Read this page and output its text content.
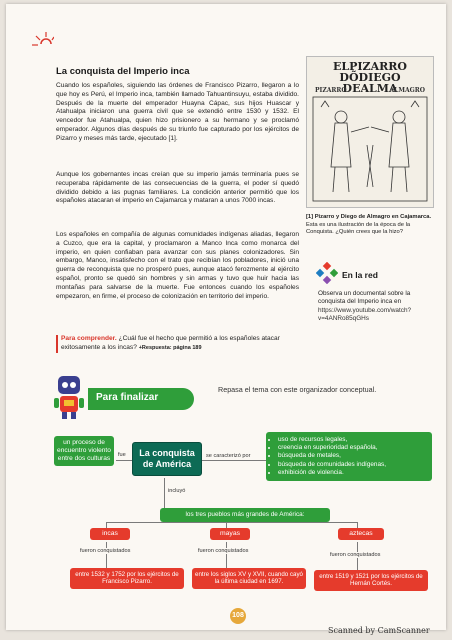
La conquista del Imperio inca
Cuando los españoles, siguiendo las órdenes de Francisco Pizarro, llegaron a lo que hoy es Perú, el Imperio inca, también llamado Tahuantinsuyu, estaba dividido. Después de la muerte del emperador Huayna Cápac, sus hijos Huascar y Atahualpa iniciaron una guerra civil que se extendió entre 1530 y 1532. El vencedor fue Atahualpa, quien hizo prisionero a su hermano y se proclamó emperador. Algunos días después de su triunfo fue capturado por los ejércitos de Pizarro y meses más tarde, ejecutado [1].
Aunque los gobernantes incas creían que su imperio jamás terminaría pues se recuperaba rápidamente de las consecuencias de la guerra, el poder sí quedó dividido debido a las pugnas familiares. La condición anterior permitió que los españoles atacaran el imperio en Cajamarca y mataran a unos 7000 incas.
Los españoles en compañía de algunas comunidades indígenas aliadas, llegaron a Cuzco, que era la capital, y proclamaron a Manco Inca como monarca del imperio, en quien confiaban para avanzar con sus planes colonizadores. Sin embargo, Manco, insatisfecho con el trato que recibían los pobladores, inició una guerra de reconquista que no prosperó pues, aunque atacó ferozmente al ejército español, pronto se quedó sin hombres y sin armas y tuvo que huir hacia las montañas para salvarse de la muerte. Fue entonces cuando los españoles empezaron, en firme, el proceso de colonización en territorio del imperio.
Para comprender. ¿Cuál fue el hecho que permitió a los españoles atacar exitosamente a los incas? +Respuesta: página 189
ELPIZARRO DÕDIEGO DEALMA
PIZARRO	ALMAGRO
[1] Pizarro y Diego de Almagro en Cajamarca. Esta es una ilustración de la época de la Conquista. ¿Quién crees que la hizo?
En la red
Observa un documental sobre la conquista del Imperio inca en
https://www.youtube.com/watch?v=4ANRo85qGHs
Para finalizar
Repasa el tema con este organizador conceptual.
un proceso de encuentro violento entre dos culturas	fue	La conquista de América
se caracterizó por
• uso de recursos legales,
• creencia en superioridad española,
• búsqueda de metales,
• búsqueda de comunidades indígenas,
• exhibición de violencia.
incluyó
los tres pueblos más grandes de América:
incas	mayas	aztecas
fueron conquistados	fueron conquistados
fueron conquistados
entre 1532 y 1752 por los ejércitos de Francisco Pizarro.
entre los siglos XV y XVII, cuando cayó la última ciudad en 1697.
entre 1519 y 1521 por los ejércitos de Hernán Cortés.
108
Scanned by CamScanner
